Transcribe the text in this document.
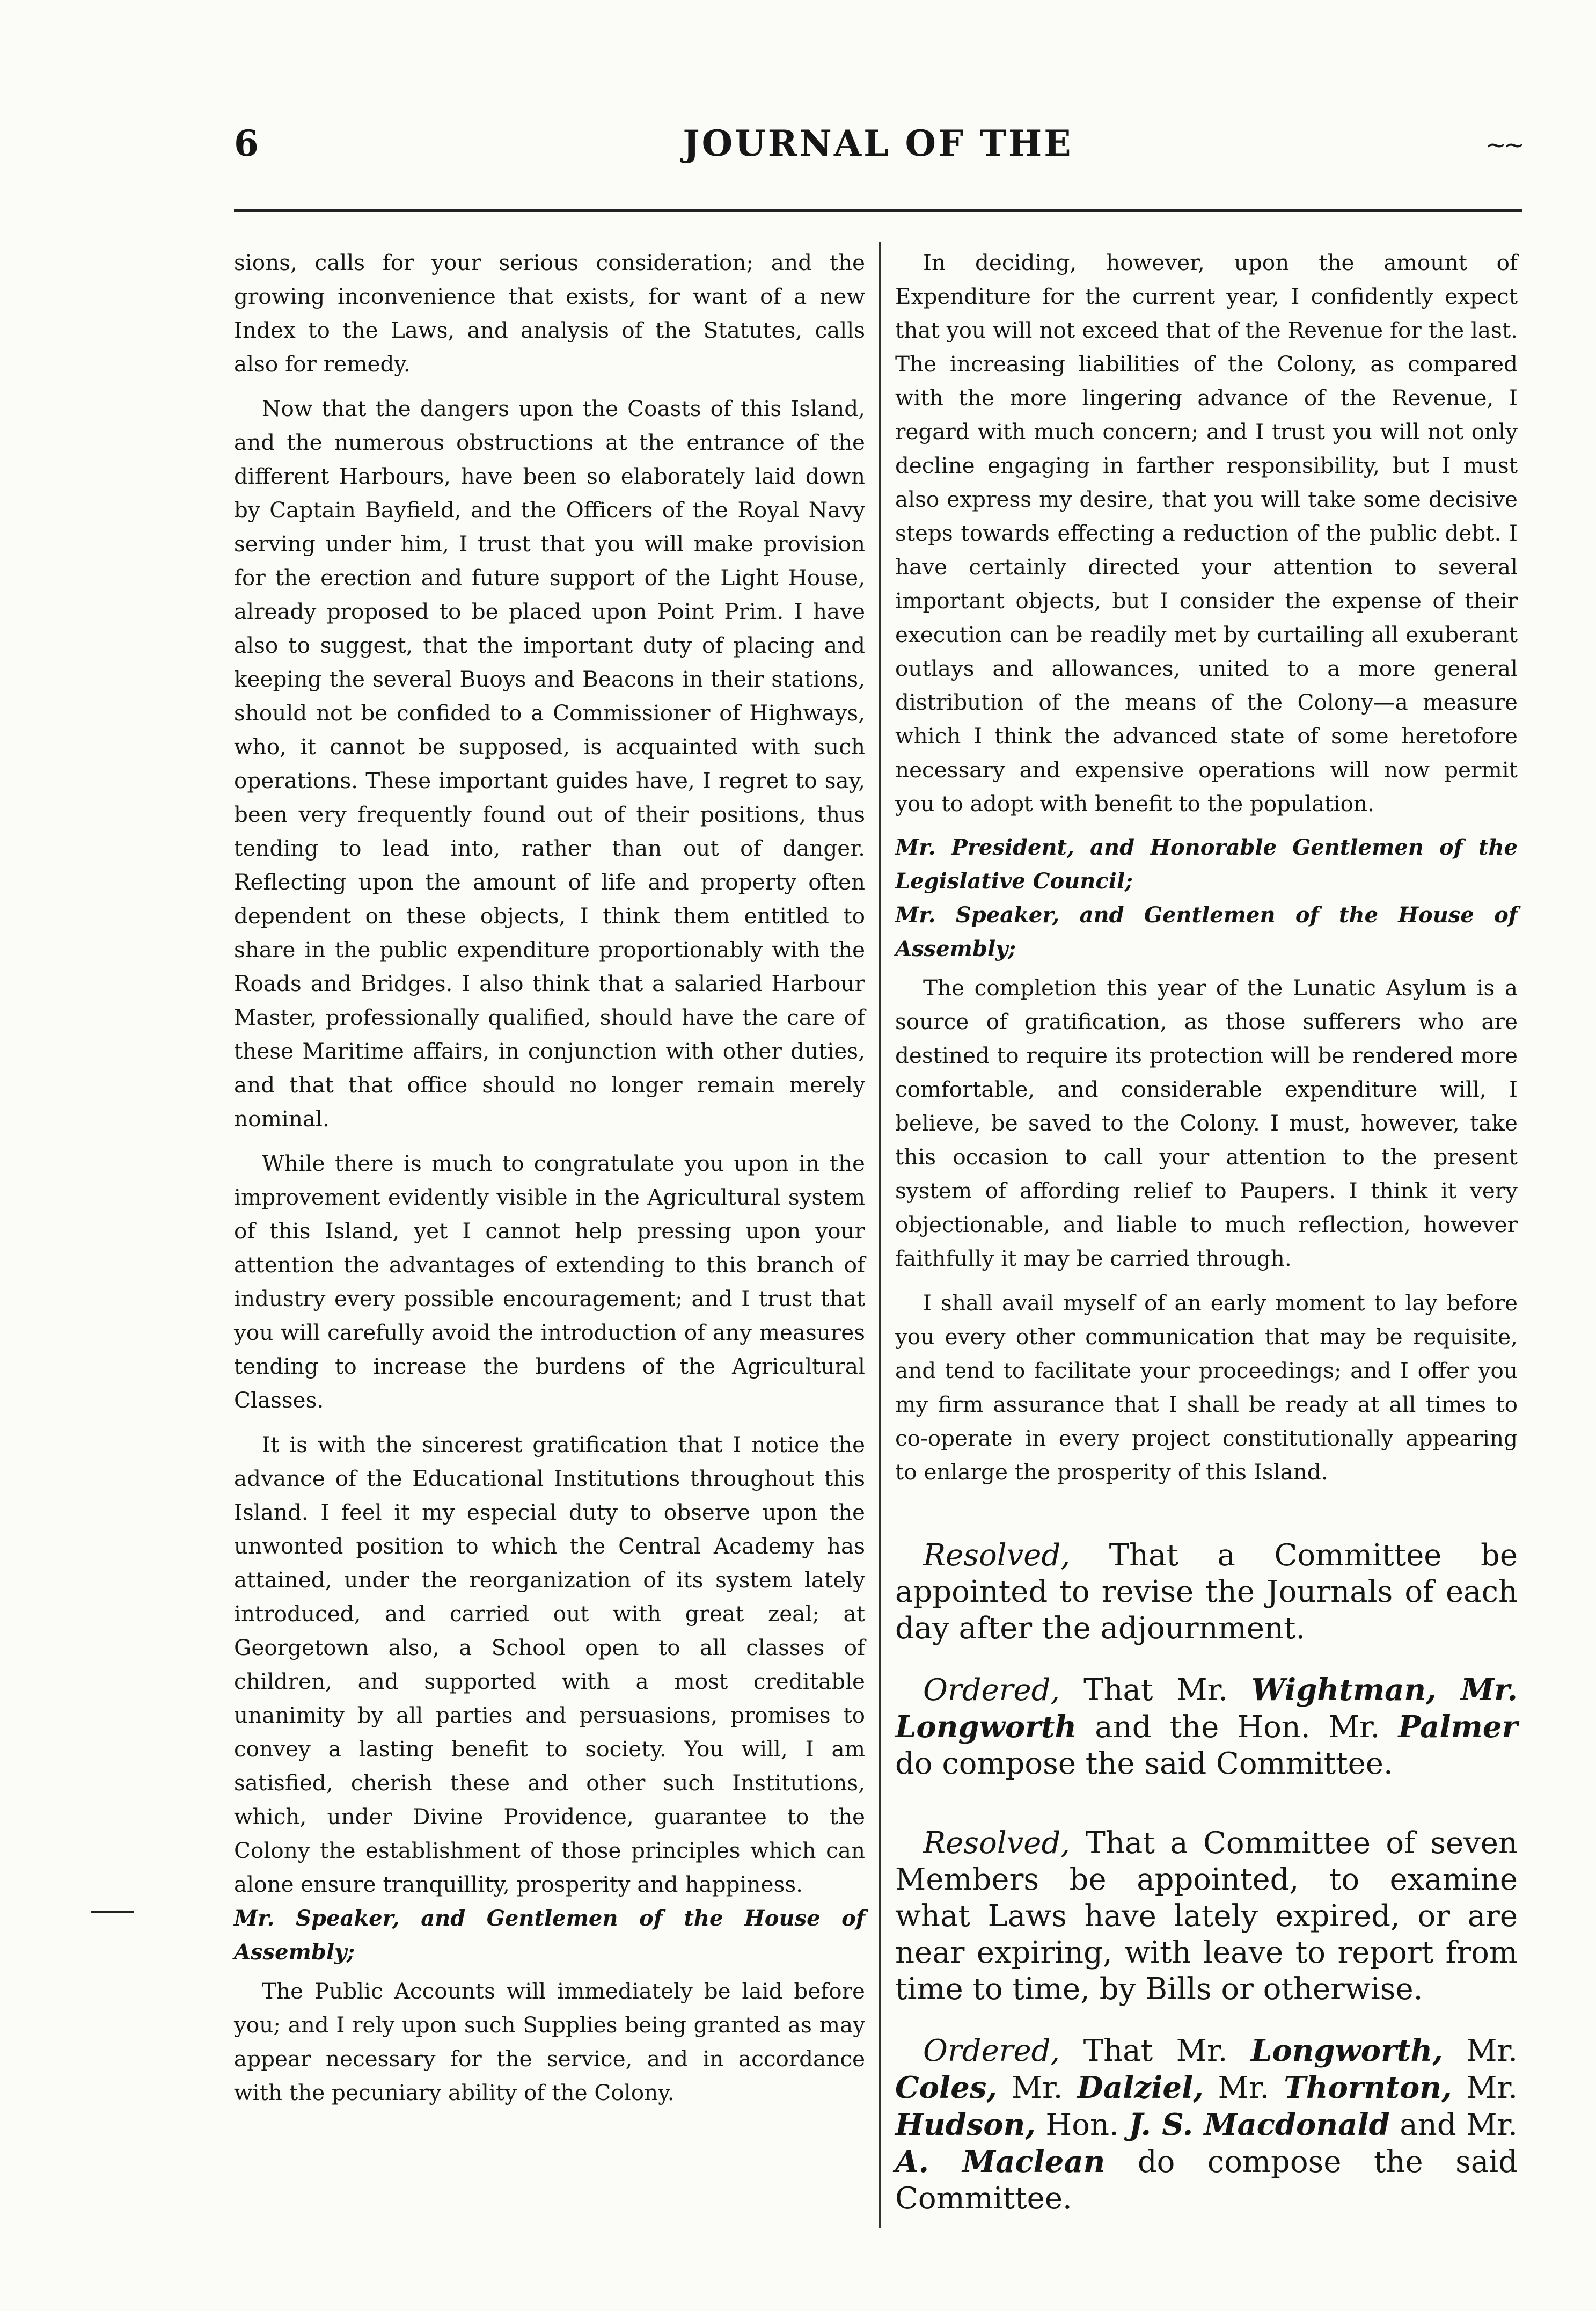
6	JOURNAL OF THE	~~

sions, calls for your serious consideration; and the growing inconvenience that exists, for want of a new Index to the Laws, and analysis of the Statutes, calls also for remedy.

Now that the dangers upon the Coasts of this Island, and the numerous obstructions at the entrance of the different Harbours, have been so elaborately laid down by Captain Bayfield, and the Officers of the Royal Navy serving under him, I trust that you will make provision for the erection and future support of the Light House, already proposed to be placed upon Point Prim. I have also to suggest, that the important duty of placing and keeping the several Buoys and Beacons in their stations, should not be confided to a Commissioner of Highways, who, it cannot be supposed, is acquainted with such operations. These important guides have, I regret to say, been very frequently found out of their positions, thus tending to lead into, rather than out of danger. Reflecting upon the amount of life and property often dependent on these objects, I think them entitled to share in the public expenditure proportionably with the Roads and Bridges. I also think that a salaried Harbour Master, professionally qualified, should have the care of these Maritime affairs, in conjunction with other duties, and that that office should no longer remain merely nominal.

While there is much to congratulate you upon in the improvement evidently visible in the Agricultural system of this Island, yet I cannot help pressing upon your attention the advantages of extending to this branch of industry every possible encouragement; and I trust that you will carefully avoid the introduction of any measures tending to increase the burdens of the Agricultural Classes.

It is with the sincerest gratification that I notice the advance of the Educational Institutions throughout this Island. I feel it my especial duty to observe upon the unwonted position to which the Central Academy has attained, under the reorganization of its system lately introduced, and carried out with great zeal; at Georgetown also, a School open to all classes of children, and supported with a most creditable unanimity by all parties and persuasions, promises to convey a lasting benefit to society. You will, I am satisfied, cherish these and other such Institutions, which, under Divine Providence, guarantee to the Colony the establishment of those principles which can alone ensure tranquillity, prosperity and happiness.

Mr. Speaker, and Gentlemen of the House of Assembly;

The Public Accounts will immediately be laid before you; and I rely upon such Supplies being granted as may appear necessary for the service, and in accordance with the pecuniary ability of the Colony.

In deciding, however, upon the amount of Expenditure for the current year, I confidently expect that you will not exceed that of the Revenue for the last. The increasing liabilities of the Colony, as compared with the more lingering advance of the Revenue, I regard with much concern; and I trust you will not only decline engaging in farther responsibility, but I must also express my desire, that you will take some decisive steps towards effecting a reduction of the public debt. I have certainly directed your attention to several important objects, but I consider the expense of their execution can be readily met by curtailing all exuberant outlays and allowances, united to a more general distribution of the means of the Colony—a measure which I think the advanced state of some heretofore necessary and expensive operations will now permit you to adopt with benefit to the population.

Mr. President, and Honorable Gentlemen of the Legislative Council;

Mr. Speaker, and Gentlemen of the House of Assembly;

The completion this year of the Lunatic Asylum is a source of gratification, as those sufferers who are destined to require its protection will be rendered more comfortable, and considerable expenditure will, I believe, be saved to the Colony. I must, however, take this occasion to call your attention to the present system of affording relief to Paupers. I think it very objectionable, and liable to much reflection, however faithfully it may be carried through.

I shall avail myself of an early moment to lay before you every other communication that may be requisite, and tend to facilitate your proceedings; and I offer you my firm assurance that I shall be ready at all times to co-operate in every project constitutionally appearing to enlarge the prosperity of this Island.

Resolved, That a Committee be appointed to revise the Journals of each day after the adjournment.

Ordered, That Mr. Wightman, Mr. Longworth and the Hon. Mr. Palmer do compose the said Committee.

Resolved, That a Committee of seven Members be appointed, to examine what Laws have lately expired, or are near expiring, with leave to report from time to time, by Bills or otherwise.

Ordered, That Mr. Longworth, Mr. Coles, Mr. Dalziel, Mr. Thornton, Mr. Hudson, Hon. J. S. Macdonald and Mr. A. Maclean do compose the said Committee.
